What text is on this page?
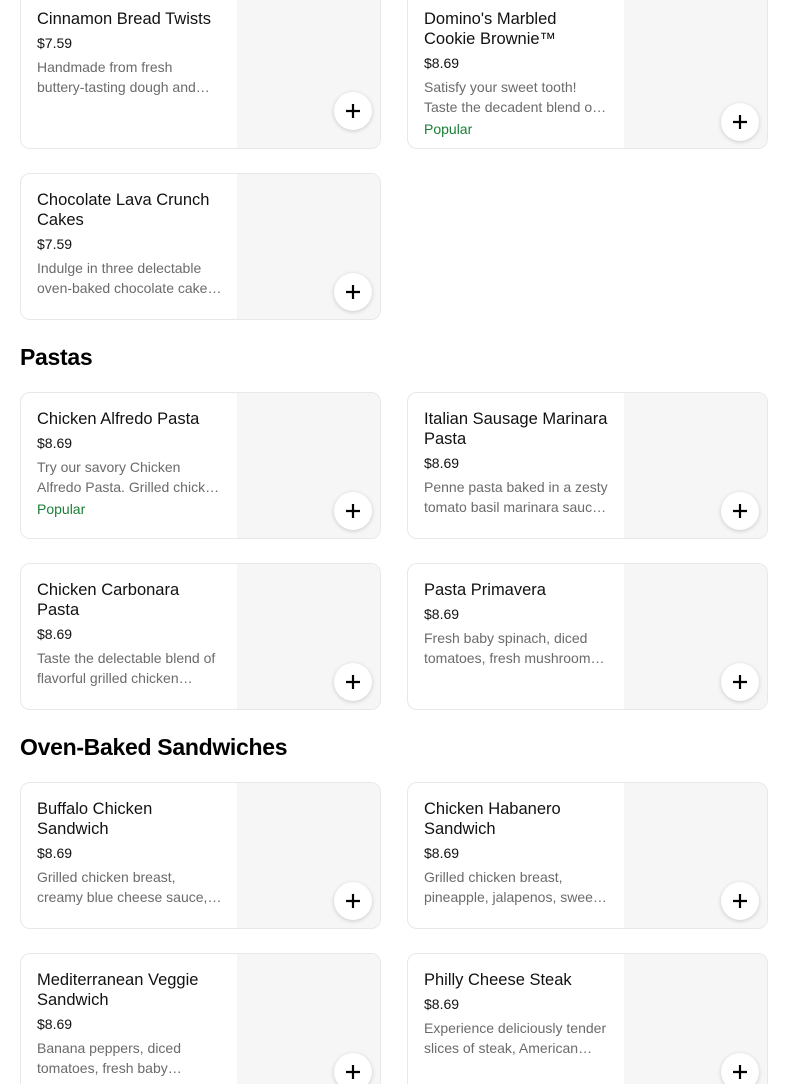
Cinnamon Bread Twists

$7.59
Handmade from fresh buttery-tasting dough and

Domino's Marbled Cookie Brownie™

$8.69
Satisfy your sweet tooth! Taste the decadent blend of
Popular

Chocolate Lava Crunch Cakes

$7.59
Indulge in three delectable oven-baked chocolate cakes
Pastas

Chicken Alfredo Pasta

$8.69
Try our savory Chicken Alfredo Pasta. Grilled chicken
Popular

Italian Sausage Marinara Pasta

$8.69
Penne pasta baked in a zesty tomato basil marinara sauce

Chicken Carbonara Pasta

$8.69
Taste the delectable blend of flavorful grilled chicken

Pasta Primavera

$8.69
Fresh baby spinach, diced tomatoes, fresh mushrooms
Oven-Baked Sandwiches

Buffalo Chicken Sandwich

$8.69
Grilled chicken breast, creamy blue cheese sauce,

Chicken Habanero Sandwich

$8.69
Grilled chicken breast, pineapple, jalapenos, sweet

Mediterranean Veggie Sandwich

$8.69
Banana peppers, diced tomatoes, fresh baby

Philly Cheese Steak

$8.69
Experience deliciously tender slices of steak, American
